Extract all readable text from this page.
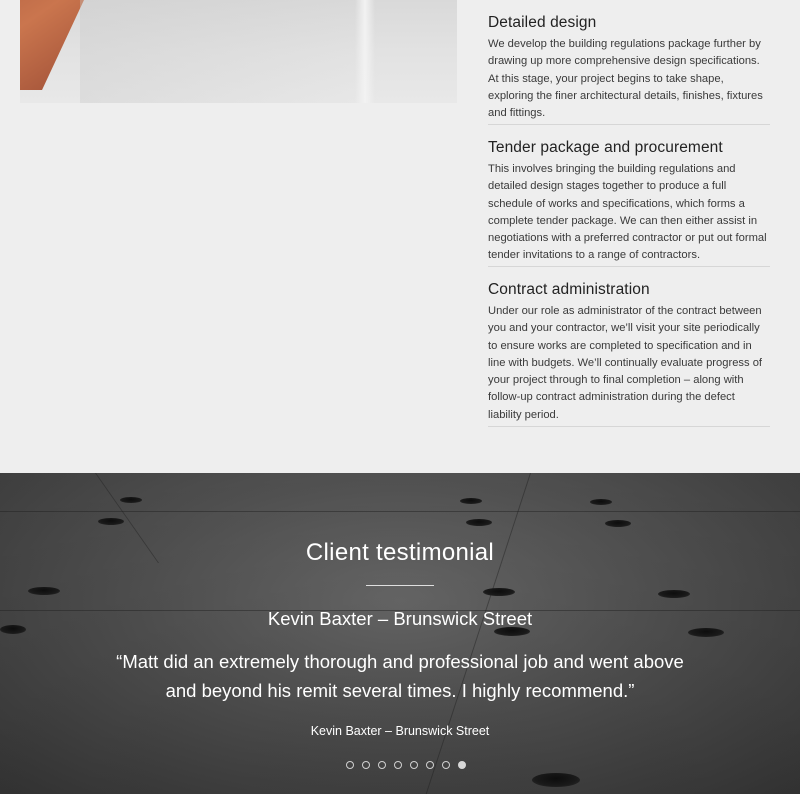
Detailed design

We develop the building regulations package further by drawing up more comprehensive design specifications. At this stage, your project begins to take shape, exploring the finer architectural details, finishes, fixtures and fittings.

Tender package and procurement

This involves bringing the building regulations and detailed design stages together to produce a full schedule of works and specifications, which forms a complete tender package. We can then either assist in negotiations with a preferred contractor or put out formal tender invitations to a range of contractors.

Contract administration

Under our role as administrator of the contract between you and your contractor, we’ll visit your site periodically to ensure works are completed to specification and in line with budgets. We’ll continually evaluate progress of your project through to final completion – along with follow-up contract administration during the defect liability period.

Client testimonial
Kevin Baxter – Brunswick Street

“Matt did an extremely thorough and professional job and went above and beyond his remit several times. I highly recommend.”

Kevin Baxter – Brunswick Street
